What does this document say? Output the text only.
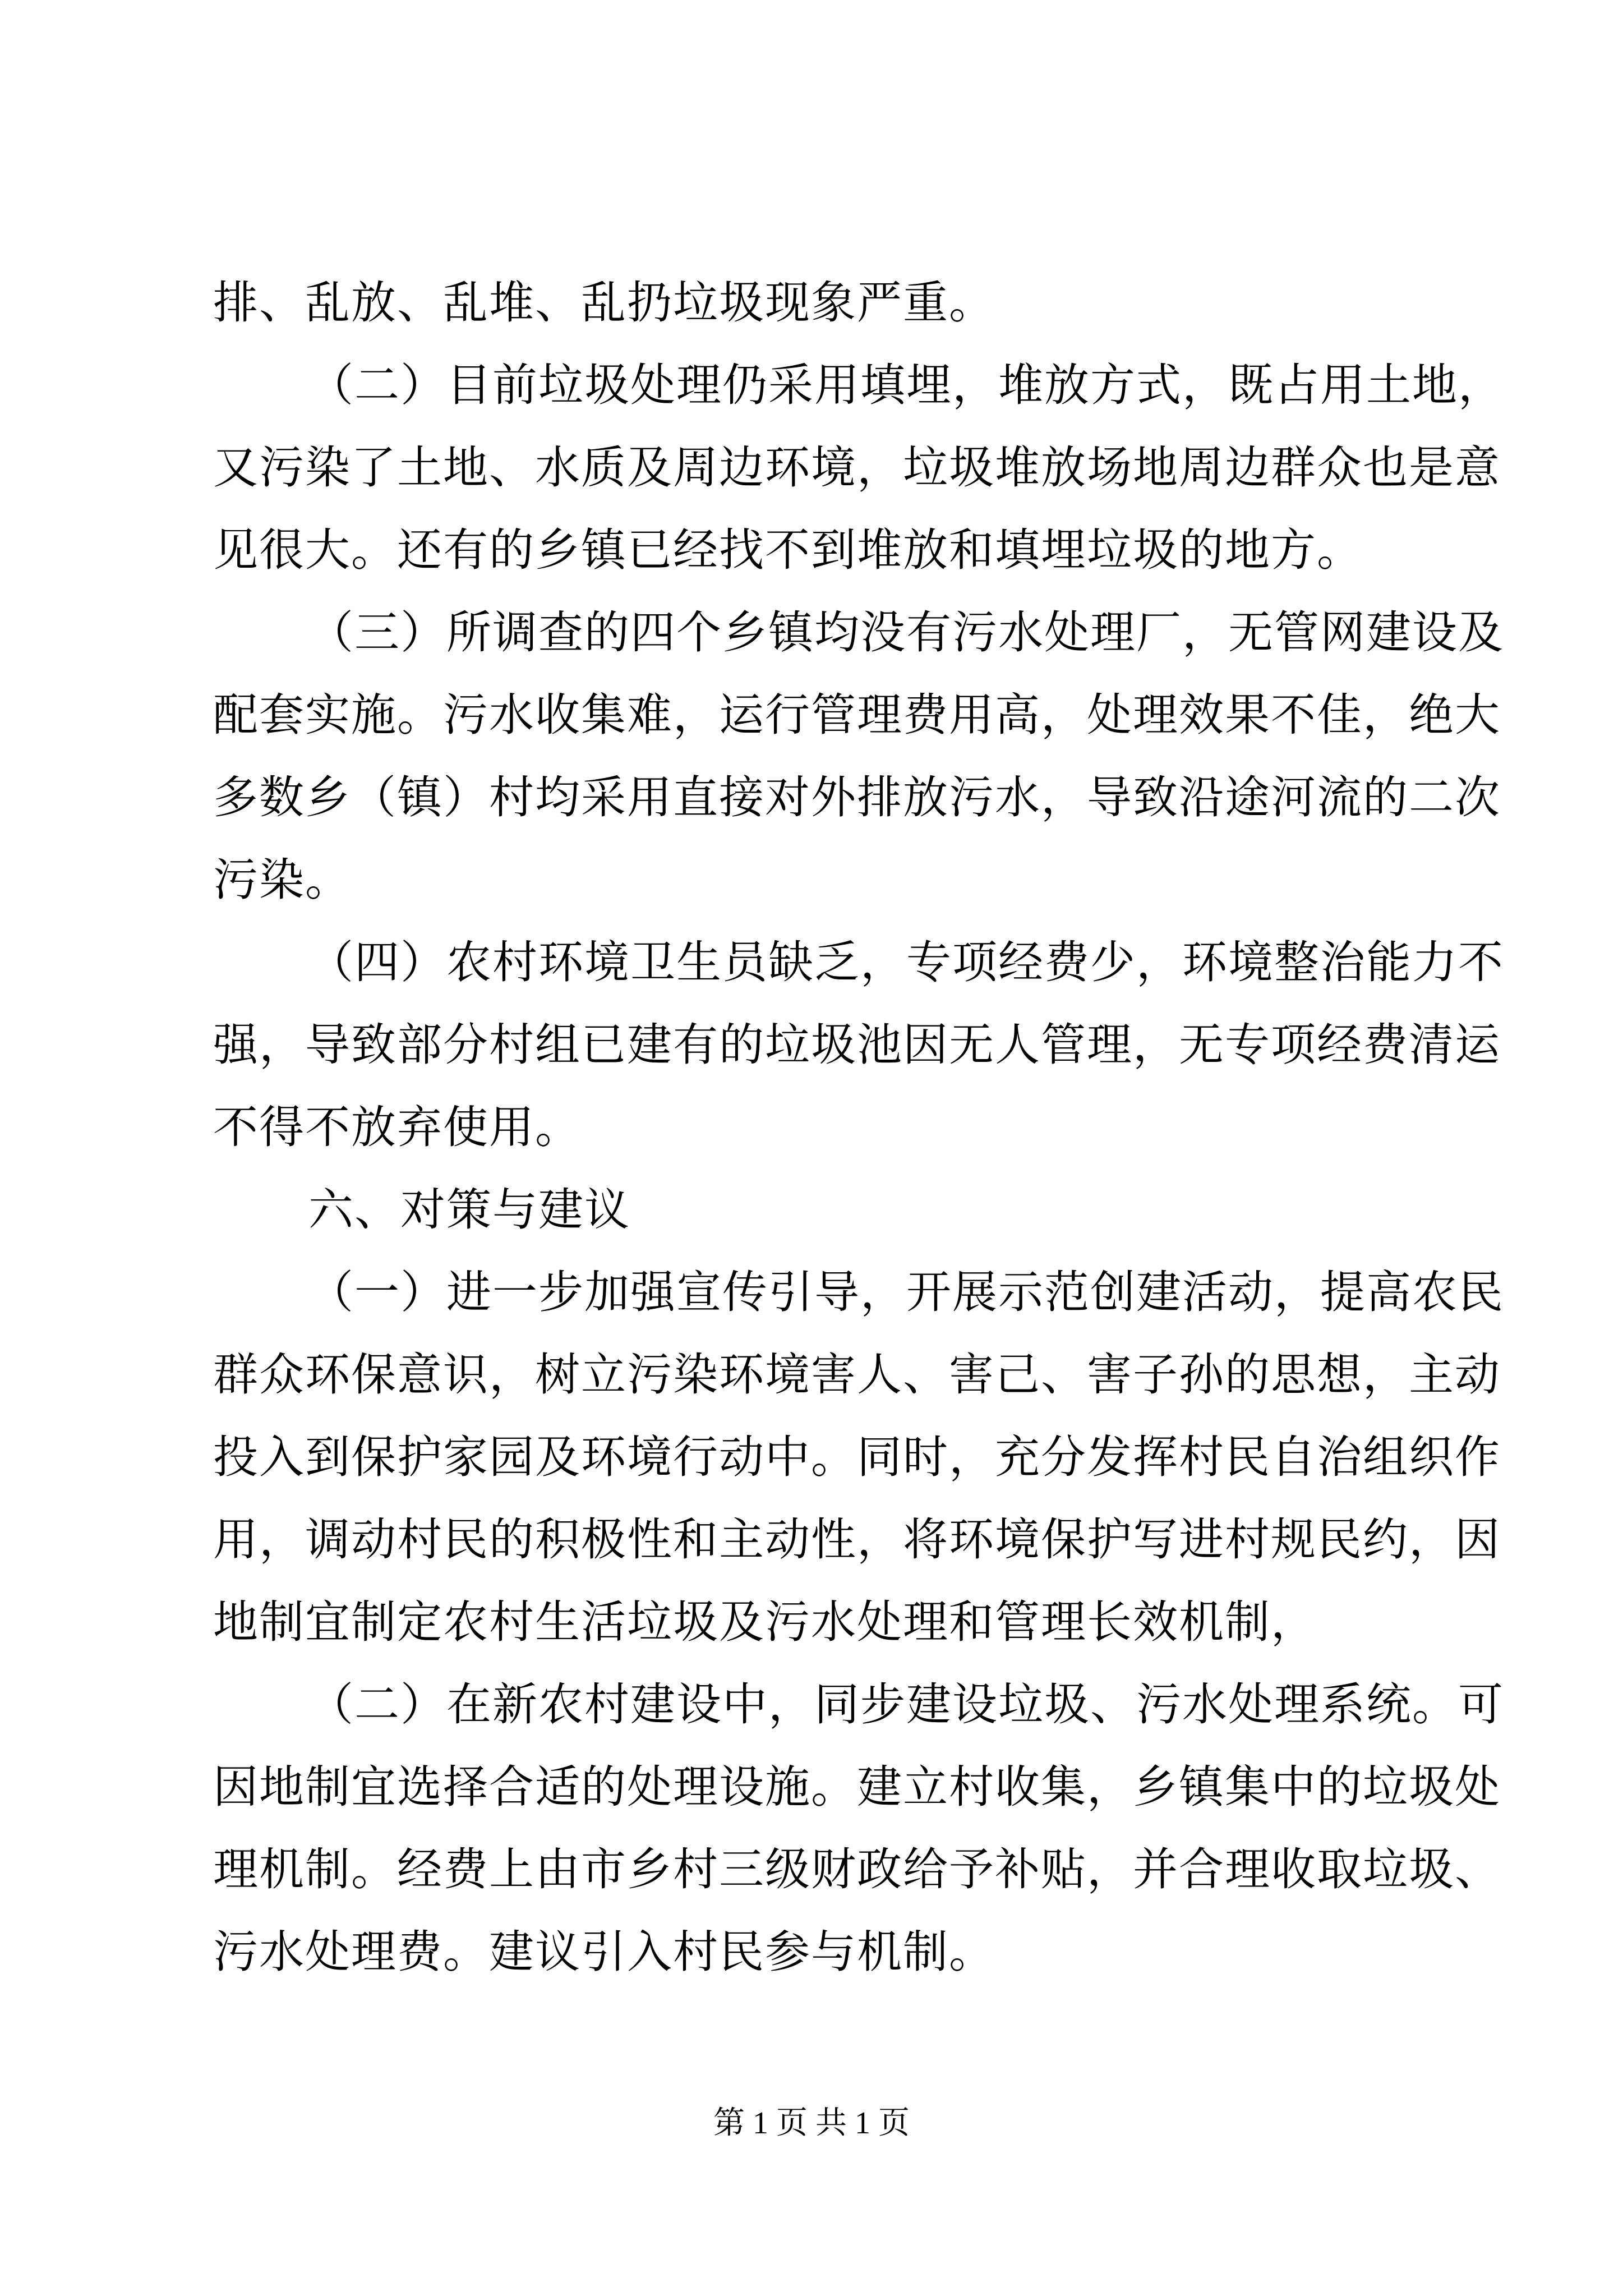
排、乱放、乱堆、乱扔垃圾现象严重。
（二）目前垃圾处理仍采用填埋，堆放方式，既占用土地，
又污染了土地、水质及周边环境，垃圾堆放场地周边群众也是意
见很大。还有的乡镇已经找不到堆放和填埋垃圾的地方。
（三）所调查的四个乡镇均没有污水处理厂，无管网建设及
配套实施。污水收集难，运行管理费用高，处理效果不佳，绝大
多数乡（镇）村均采用直接对外排放污水，导致沿途河流的二次
污染。
（四）农村环境卫生员缺乏，专项经费少，环境整治能力不
强，导致部分村组已建有的垃圾池因无人管理，无专项经费清运
不得不放弃使用。
六、对策与建议
（一）进一步加强宣传引导，开展示范创建活动，提高农民
群众环保意识，树立污染环境害人、害己、害子孙的思想，主动
投入到保护家园及环境行动中。同时，充分发挥村民自治组织作
用，调动村民的积极性和主动性，将环境保护写进村规民约，因
地制宜制定农村生活垃圾及污水处理和管理长效机制，
（二）在新农村建设中，同步建设垃圾、污水处理系统。可
因地制宜选择合适的处理设施。建立村收集，乡镇集中的垃圾处
理机制。经费上由市乡村三级财政给予补贴，并合理收取垃圾、
污水处理费。建议引入村民参与机制。
第 1 页 共 1 页
